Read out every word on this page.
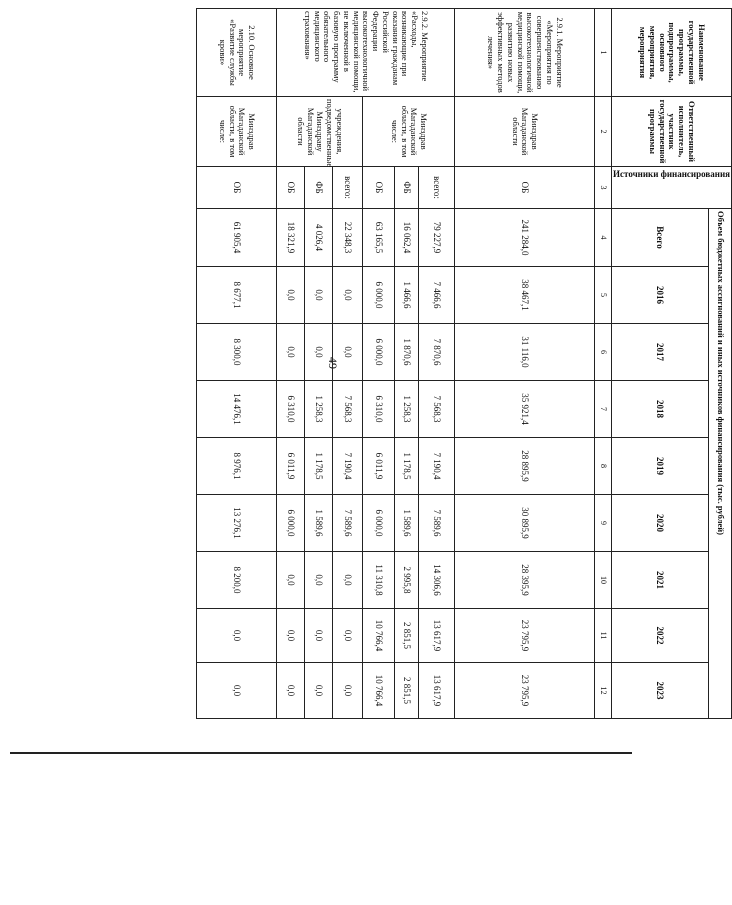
49
Наименование государственной программы, подпрограммы, основного мероприятия, мероприятия	Ответственный исполнитель, участник государственной программы	Источники финансирования	Объем бюджетных ассигнований и иных источников финансирования (тыс. рублей)								
			Всего	2016	2017	2018	2019	2020	2021	2022	2023
1	2	3	4	5	6	7	8	9	10	11	12
2.9.1. Мероприятие «Мероприятия по совершенствованию высокотехнологичной медицинской помощи, развитию новых эффективных методов лечения»	Минздрав Магаданской области	ОБ	241 284,0	38 467,1	31 116,0	35 921,4	28 895,9	30 895,9	28 395,9	23 795,9	23 795,9
2.9.2. Мероприятие «Расходы, возникающие при оказании гражданам Российской Федерации высокотехнологичной медицинской помощи, не включенной в базовую программу обязательного медицинского страхования»	Минздрав Магаданской области, в том числе:	всего:	79 227,9	7 466,6	7 870,6	7 568,3	7 190,4	7 589,6	14 306,6	13 617,9	13 617,9
		ФБ	16 062,4	1 466,6	1 870,6	1 258,3	1 178,5	1 589,6	2 995,8	2 851,5	2 851,5
		ОБ	63 165,5	6 000,0	6 000,0	6 310,0	6 011,9	6 000,0	11 310,8	10 766,4	10 766,4
	учреждения, подведомственные Минздраву Магаданской области	всего:	22 348,3	0,0	0,0	7 568,3	7 190,4	7 589,6	0,0	0,0	0,0
		ФБ	4 026,4	0,0	0,0	1 258,3	1 178,5	1 589,6	0,0	0,0	0,0
		ОБ	18 321,9	0,0	0,0	6 310,0	6 011,9	6 000,0	0,0	0,0	0,0
2.10. Основное мероприятие «Развитие службы крови»	Минздрав Магаданской области, в том числе:	ОБ	61 905,4	8 677,1	8 300,0	14 476,1	8 976,1	13 276,1	8 200,0	0,0	0,0
